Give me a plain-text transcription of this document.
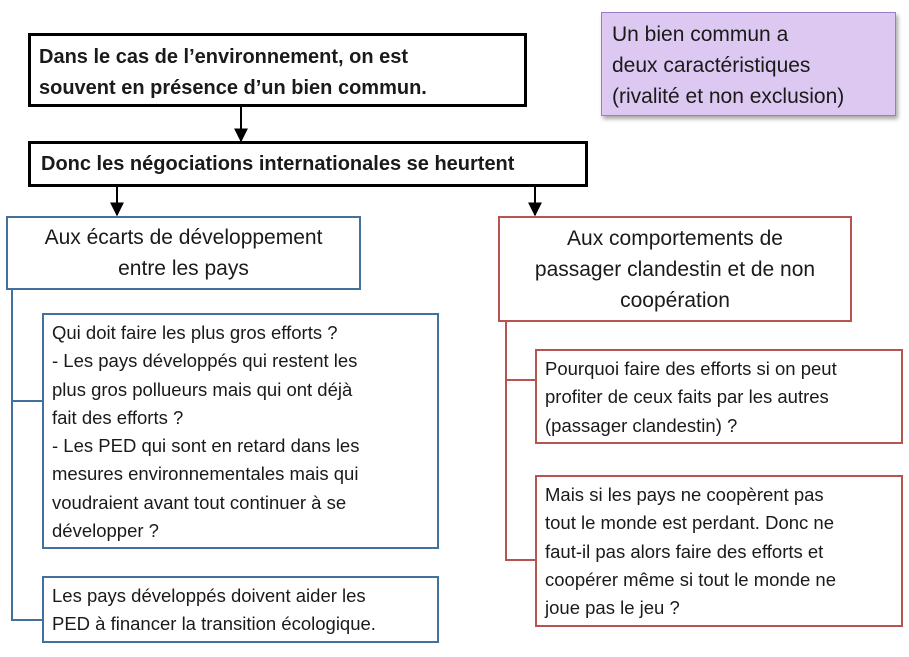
Dans le cas de l’environnement, on est
souvent en présence d’un bien commun.
Donc les négociations internationales se heurtent
Un bien commun a
deux caractéristiques
(rivalité et non exclusion)
Aux écarts de développement
entre les pays
Qui doit faire les plus gros efforts ?
- Les pays développés qui restent les
plus gros pollueurs mais qui ont déjà
fait des efforts ?
- Les PED qui sont en retard dans les
mesures environnementales mais qui
voudraient avant tout continuer à se
développer ?
Les pays développés doivent aider les
PED à financer la transition écologique.
Aux comportements de
passager clandestin et de non
coopération
Pourquoi faire des efforts si on peut
profiter de ceux faits par les autres
(passager clandestin) ?
Mais si les pays ne coopèrent pas
tout le monde est perdant. Donc ne
faut-il pas alors faire des efforts et
coopérer même si tout le monde ne
joue pas le jeu ?
